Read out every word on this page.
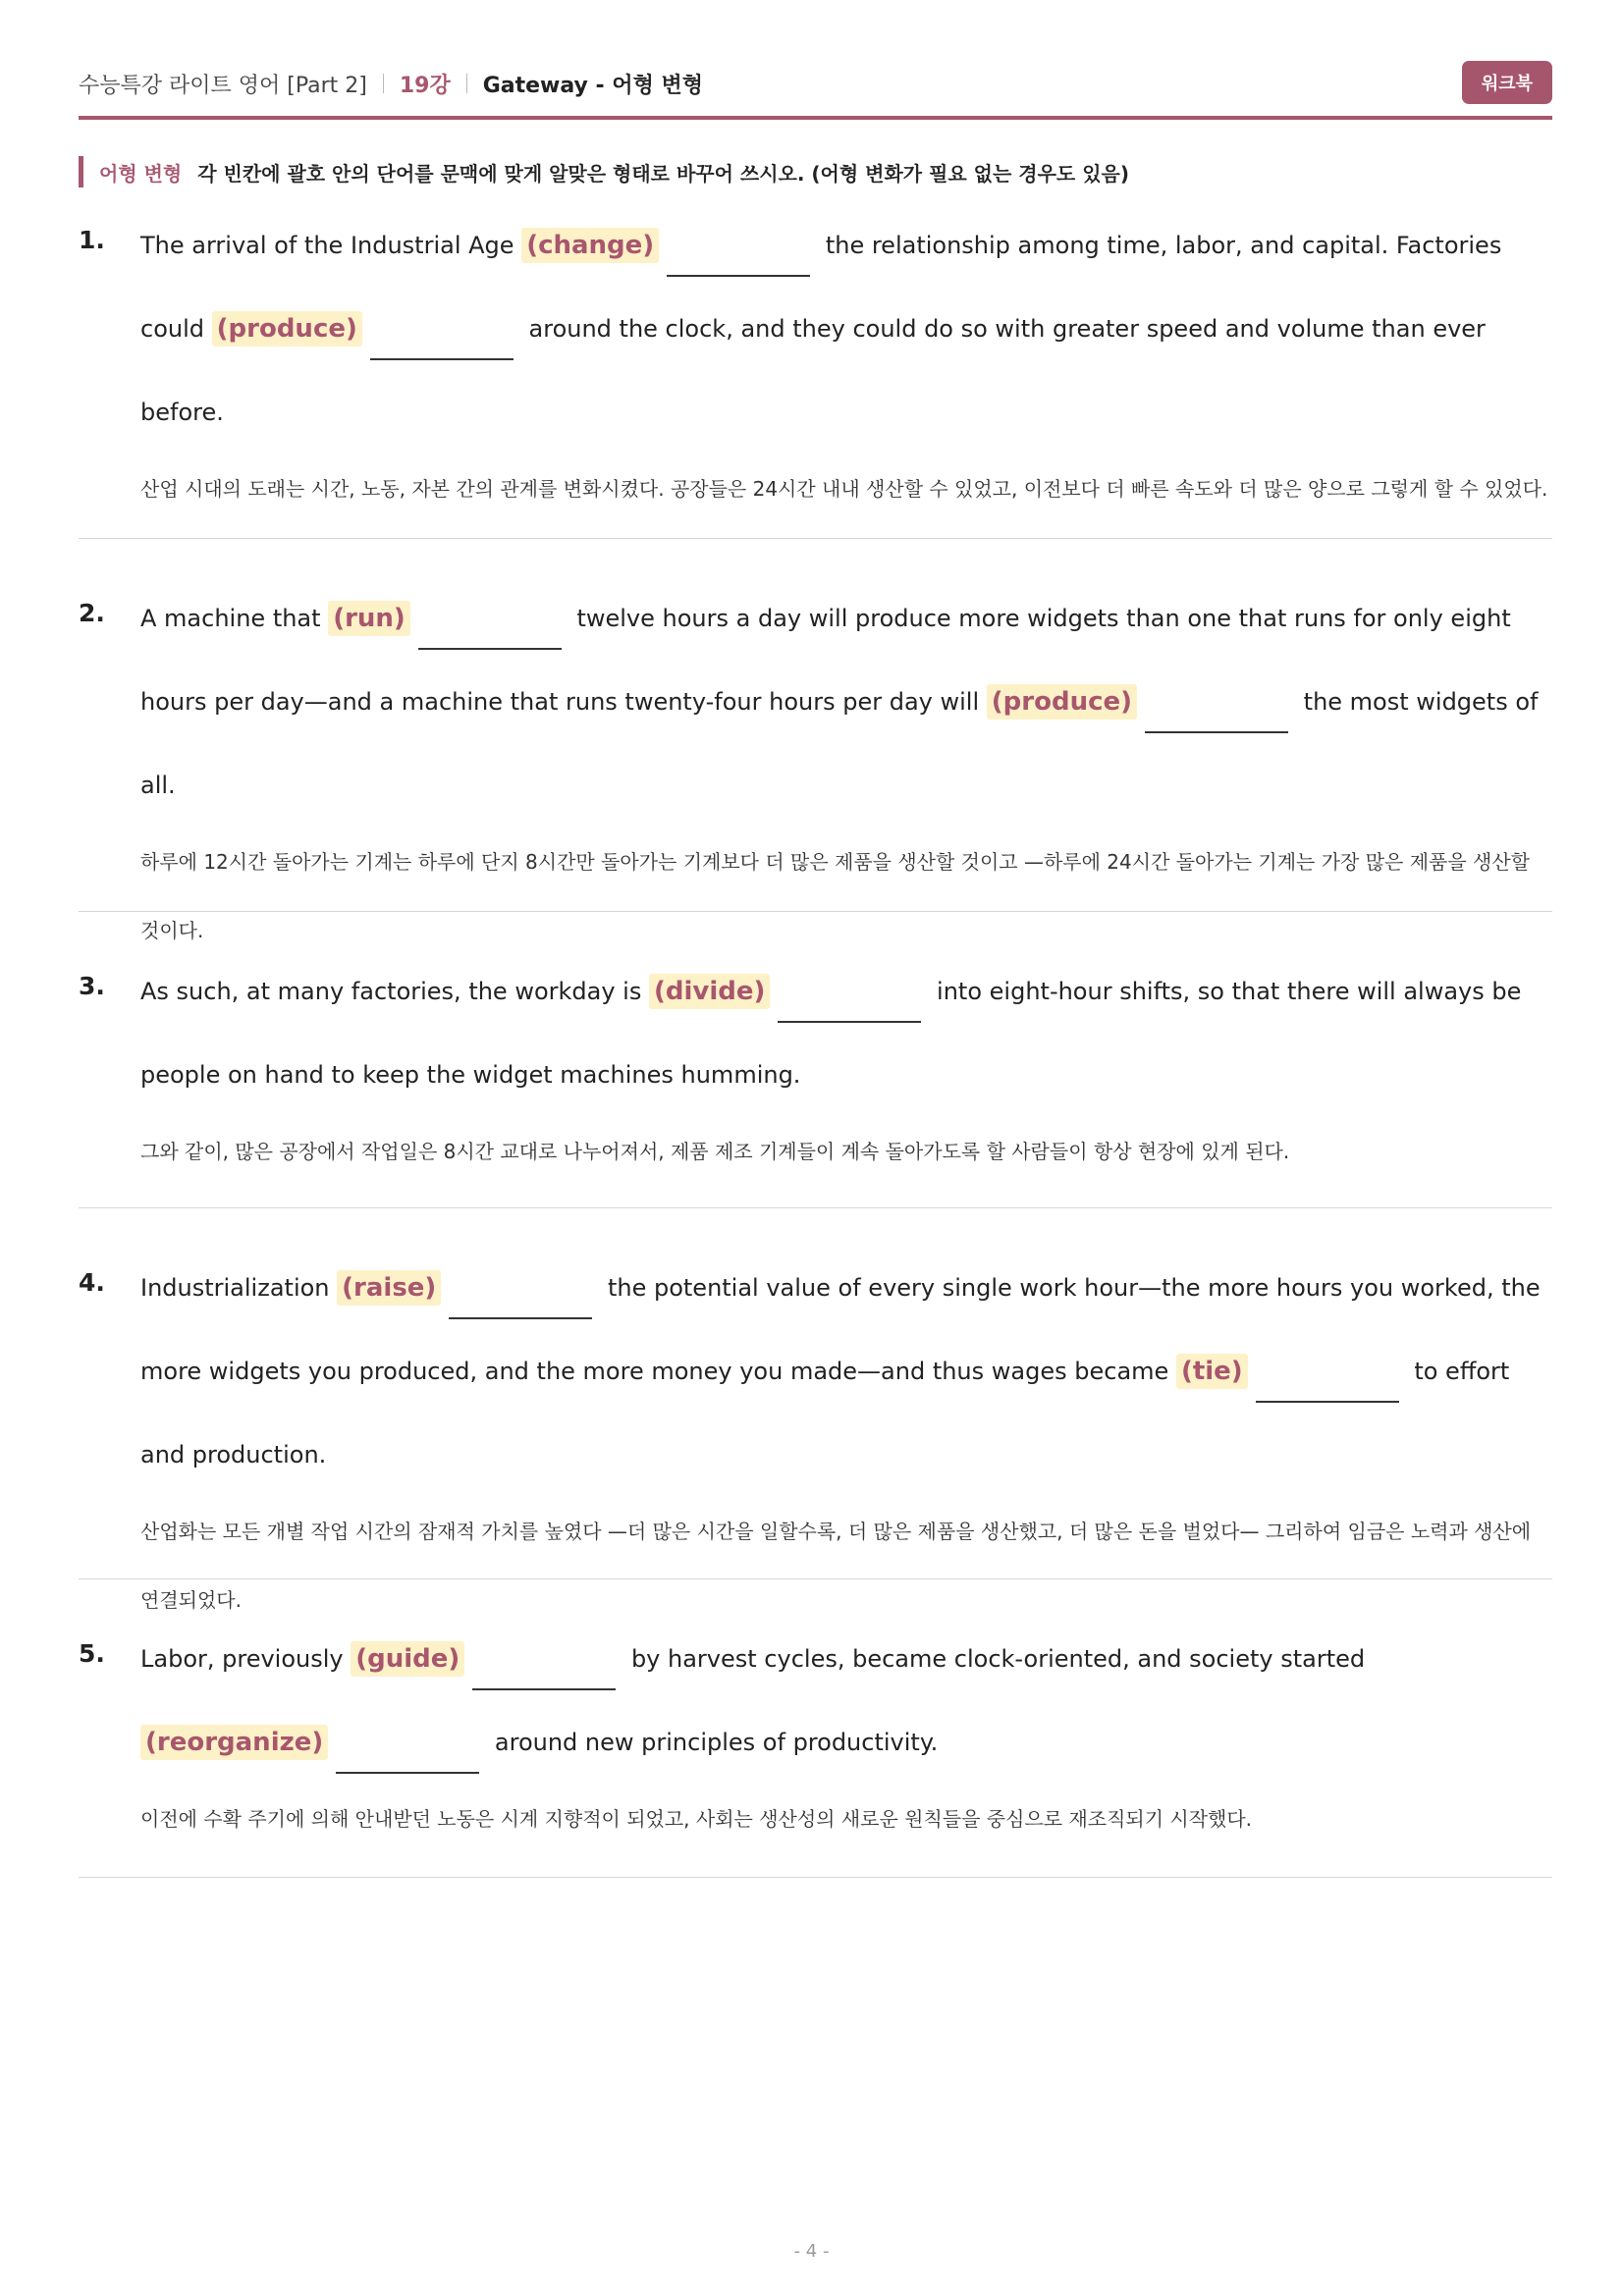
수능특강 라이트 영어 [Part 2] 19강 Gateway - 어형 변형	워크북
어형 변형 각 빈칸에 괄호 안의 단어를 문맥에 맞게 알맞은 형태로 바꾸어 쓰시오. (어형 변화가 필요 없는 경우도 있음)
1. The arrival of the Industrial Age (change)	the relationship among time, labor, and capital. Factories could (produce)	around the clock, and they could do so with greater speed and volume than ever before.
산업 시대의 도래는 시간, 노동, 자본 간의 관계를 변화시켰다. 공장들은 24시간 내내 생산할 수 있었고, 이전보다 더 빠른 속도와 더 많은 양으로 그렇게 할 수 있었다.
2. A machine that (run)	twelve hours a day will produce more widgets than one that runs for only eight hours per day—and a machine that runs twenty-four hours per day will (produce)	the most widgets of all.
하루에 12시간 돌아가는 기계는 하루에 단지 8시간만 돌아가는 기계보다 더 많은 제품을 생산할 것이고 —하루에 24시간 돌아가는 기계는 가장 많은 제품을 생산할 것이다.
3. As such, at many factories, the workday is (divide)	into eight-hour shifts, so that there will always be people on hand to keep the widget machines humming.
그와 같이, 많은 공장에서 작업일은 8시간 교대로 나누어져서, 제품 제조 기계들이 계속 돌아가도록 할 사람들이 항상 현장에 있게 된다.
4. Industrialization (raise)	the potential value of every single work hour—the more hours you worked, the more widgets you produced, and the more money you made—and thus wages became (tie)	to effort and production.
산업화는 모든 개별 작업 시간의 잠재적 가치를 높였다 —더 많은 시간을 일할수록, 더 많은 제품을 생산했고, 더 많은 돈을 벌었다— 그리하여 임금은 노력과 생산에 연결되었다.
5. Labor, previously (guide)	by harvest cycles, became clock-oriented, and society started (reorganize)	around new principles of productivity.
이전에 수확 주기에 의해 안내받던 노동은 시계 지향적이 되었고, 사회는 생산성의 새로운 원칙들을 중심으로 재조직되기 시작했다.
- 4 -
